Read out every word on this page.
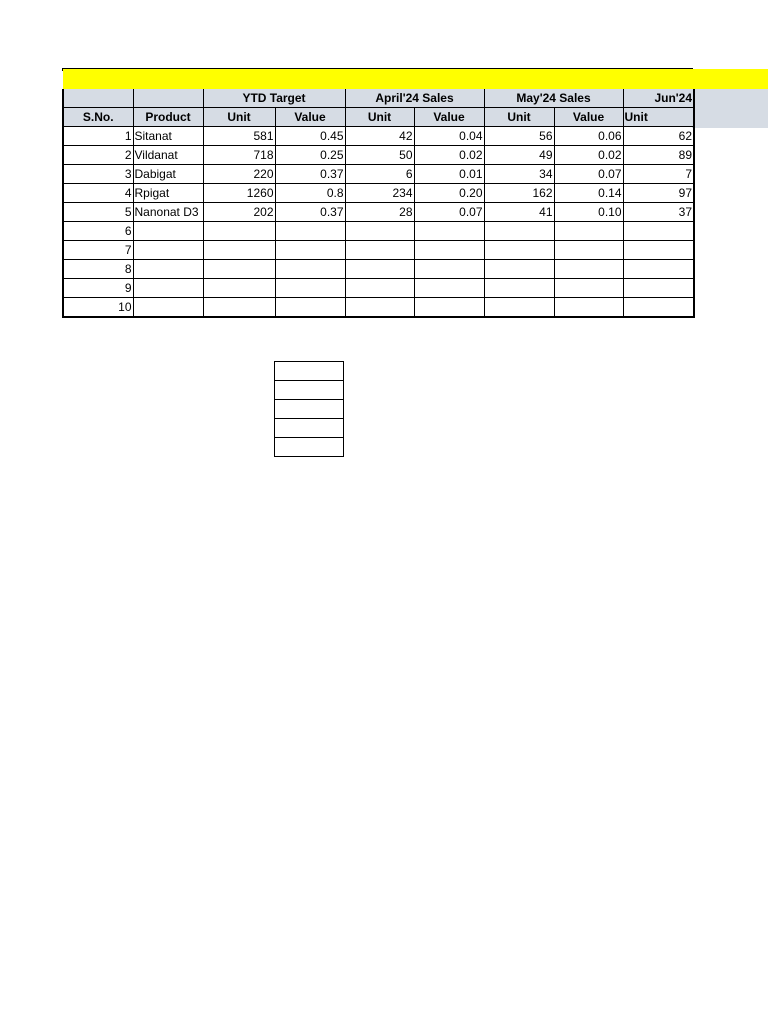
		YTD Target		April'24 Sales		May'24 Sales		Jun'24
S.No.	Product	Unit	Value	Unit	Value	Unit	Value	Unit
1	Sitanat	581	0.45	42	0.04	56	0.06	62
2	Vildanat	718	0.25	50	0.02	49	0.02	89
3	Dabigat	220	0.37	6	0.01	34	0.07	7
4	Rpigat	1260	0.8	234	0.20	162	0.14	97
5	Nanonat D3	202	0.37	28	0.07	41	0.10	37
6								
7								
8								
9								
10								
